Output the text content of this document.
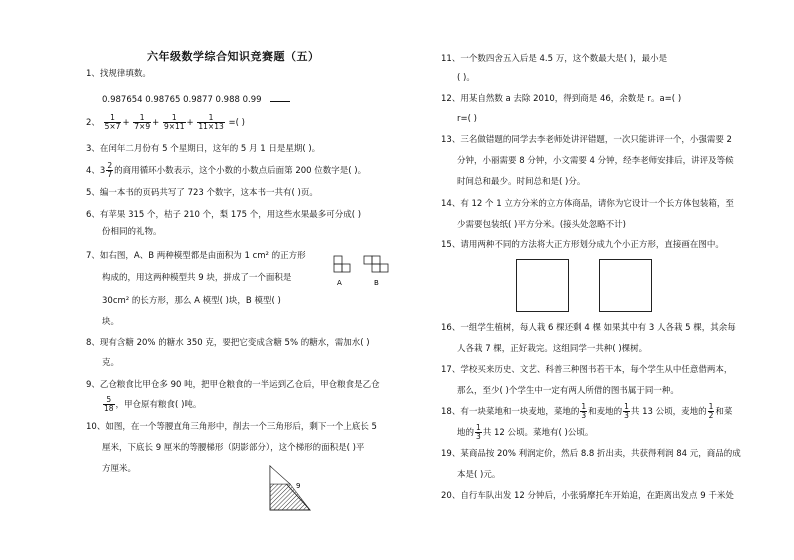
六年级数学综合知识竞赛题（五）
1、找规律填数。
0.987654 0.98765 0.9877 0.988 0.99
2、 $\frac{1}{5\times 7} + \frac{1}{7\times 9} + \frac{1}{9\times 11} + \frac{1}{11\times 13}$ =( )
3、在闰年二月份有 5 个星期日，这年的 5 月 1 日是星期( )。
4、$3 \frac{2}{7}$ 的商用循环小数表示，这个小数的小数点后面第 200 位数字是( )。
5、编一本书的页码共写了 723 个数字，这本书一共有( )页。
6、有苹果 315 个，桔子 210 个，梨 175 个，用这些水果最多可分成( )
份相同的礼物。
7、如右图，A、B 两种模型都是由面积为 1 cm² 的正方形
构成的，用这两种模型共 9 块，拼成了一个面积是
30cm² 的长方形，那么 A 模型( )块，B 模型( )
块。
8、现有含糖 20% 的糖水 350 克，要把它变成含糖 5% 的糖水，需加水( )
克。
9、乙仓粮食比甲仓多 90 吨，把甲仓粮食的一半运到乙仓后，甲仓粮食是乙仓
$\frac{5}{18}$ ，甲仓原有粮食( )吨。
10、如图，在一个等腰直角三角形中，削去一个三角形后，剩下一个上底长 5
厘米，下底长 9 厘米的等腰梯形（阴影部分），这个梯形的面积是( )平
方厘米。
A	B
9
11、一个数四舍五入后是 4.5 万，这个数最大是( )，最小是
( )。
12、用某自然数 a 去除 2010，得到商是 46，余数是 r。a=( )
r=( )
13、三名做错题的同学去李老师处讲评错题，一次只能讲评一个，小强需要 2
分钟，小丽需要 8 分钟，小文需要 4 分钟，经李老师安排后，讲评及等候
时间总和最少。时间总和是( )分。
14、有 12 个 1 立方分米的立方体商品，请你为它设计一个长方体包装箱，至
少需要包装纸( )平方分米。(接头处忽略不计)
15、请用两种不同的方法将大正方形划分成九个小正方形，直接画在图中。
16、一组学生植树，每人栽 6 棵还剩 4 棵 如果其中有 3 人各栽 5 棵，其余每
人各栽 7 棵，正好栽完。这组同学一共种( )棵树。
17、学校买来历史、文艺、科普三种图书若干本，每个学生从中任意借两本，
那么，至少( )个学生中一定有两人所借的图书属于同一种。
18、有一块菜地和一块麦地，菜地的 $\frac{1}{3}$ 和麦地的 $\frac{1}{3}$ 共 13 公顷，麦地的 $\frac{1}{2}$ 和菜
地的 $\frac{1}{3}$ 共 12 公顷。菜地有( )公顷。
19、某商品按 20% 利润定价，然后 8.8 折出卖，共获得利润 84 元，商品的成
本是( )元。
20、自行车队出发 12 分钟后，小张骑摩托车开始追，在距离出发点 9 千米处
